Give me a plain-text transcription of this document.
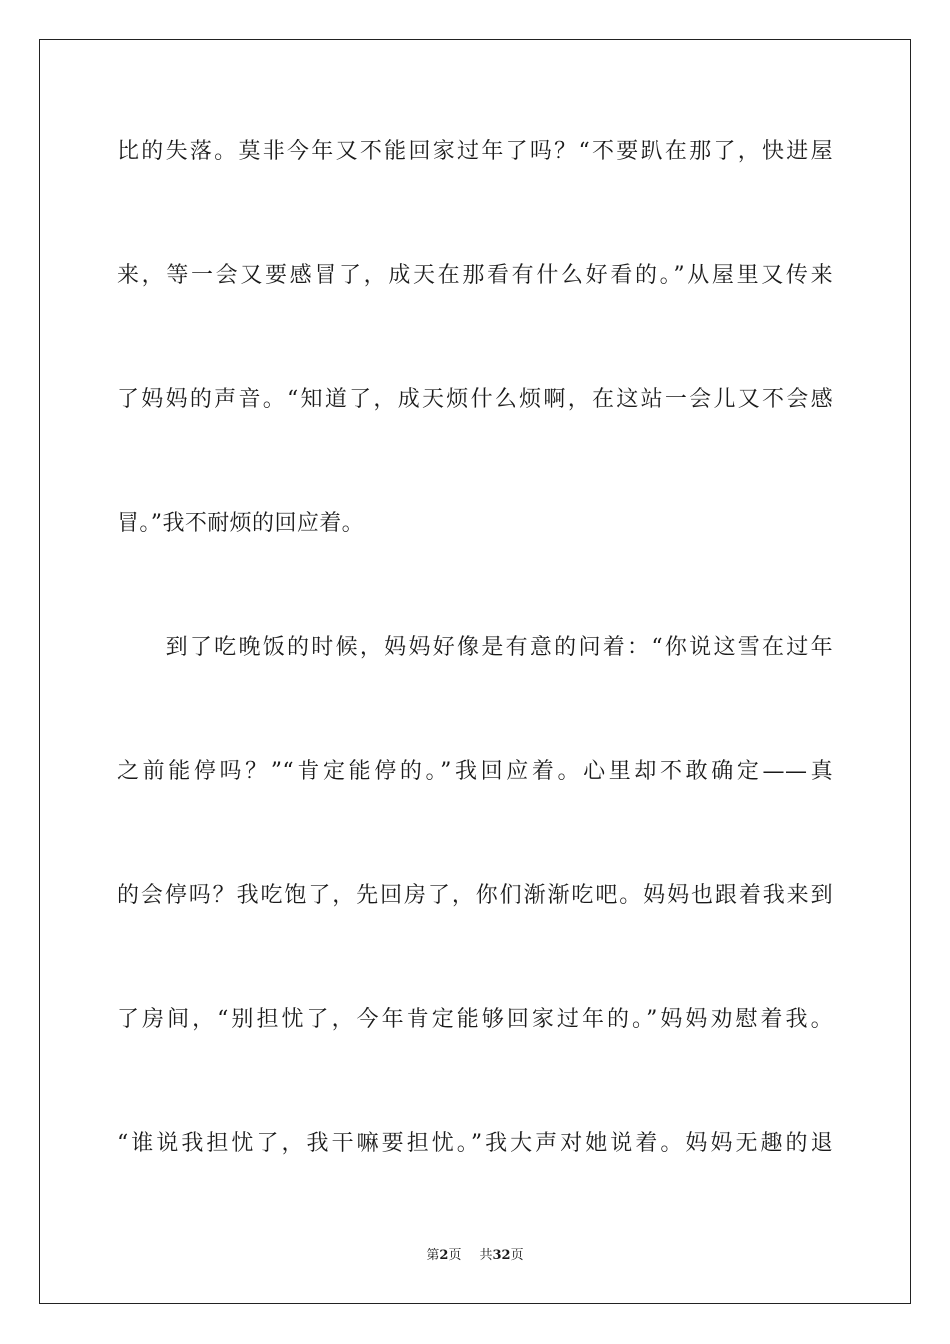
比的失落。莫非今年又不能回家过年了吗？“不要趴在那了，快进屋
来，等一会又要感冒了，成天在那看有什么好看的。”从屋里又传来
了妈妈的声音。“知道了，成天烦什么烦啊，在这站一会儿又不会感
冒。”我不耐烦的回应着。
　　到了吃晚饭的时候，妈妈好像是有意的问着：“你说这雪在过年
之前能停吗？”“肯定能停的。”我回应着。心里却不敢确定——真
的会停吗？我吃饱了，先回房了，你们渐渐吃吧。妈妈也跟着我来到
了房间，“别担忧了，今年肯定能够回家过年的。”妈妈劝慰着我。
“谁说我担忧了，我干嘛要担忧。”我大声对她说着。妈妈无趣的退
第2页 共32页
